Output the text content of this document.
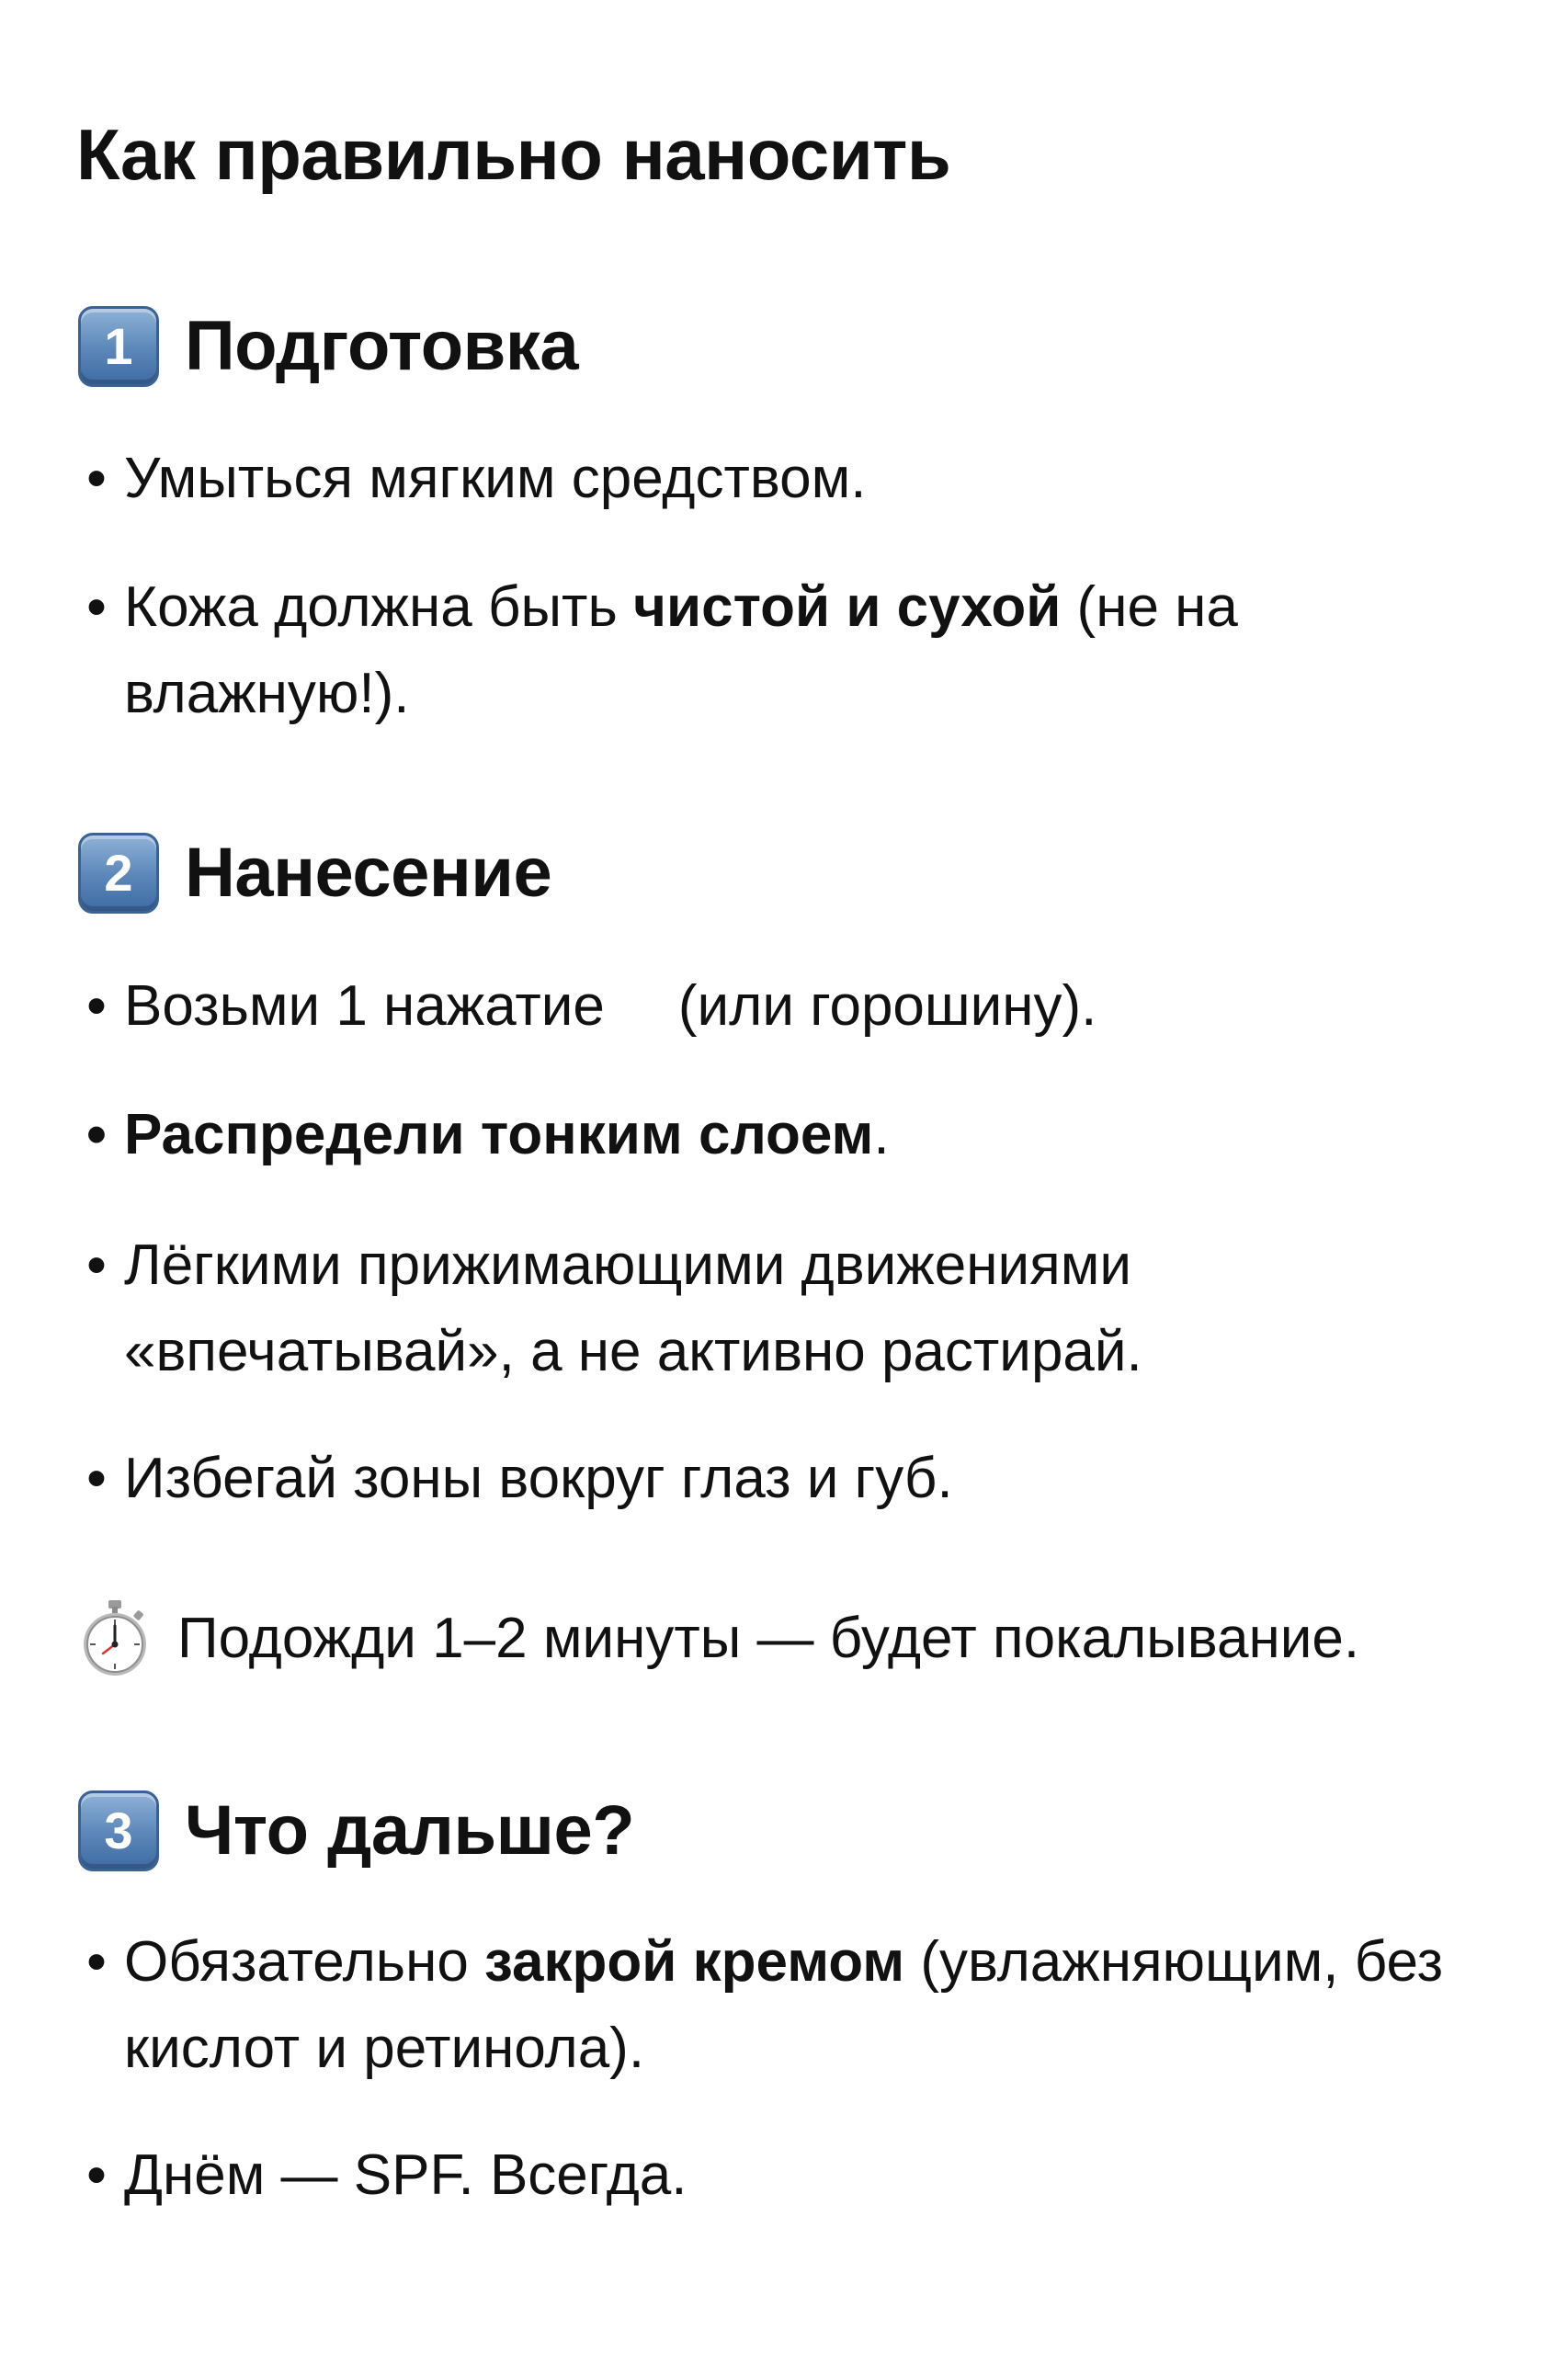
Как правильно наносить
1 Подготовка
• Умыться мягким средством.
• Кожа должна быть чистой и сухой (не на влажную!).
2 Нанесение
• Возьми 1 нажатие (или горошину).
• Распредели тонким слоем.
• Лёгкими прижимающими движениями «впечатывай», а не активно растирай.
• Избегай зоны вокруг глаз и губ.
Подожди 1–2 минуты — будет покалывание.
3 Что дальше?
• Обязательно закрой кремом (увлажняющим, без кислот и ретинола).
• Днём — SPF. Всегда.
